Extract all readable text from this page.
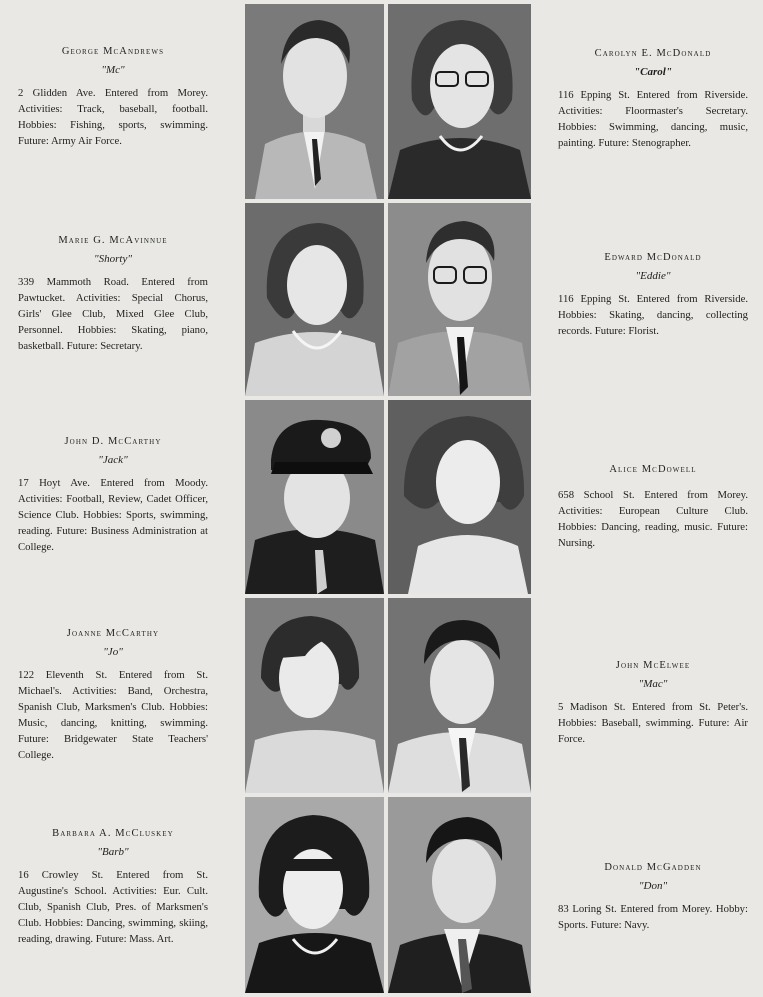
George McAndrews
"Mc"
2 Glidden Ave. Entered from Morey. Activities: Track, baseball, football. Hobbies: Fishing, sports, swimming. Future: Army Air Force.
Marie G. McAvinnue
"Shorty"
339 Mammoth Road. Entered from Pawtucket. Activities: Special Chorus, Girls' Glee Club, Mixed Glee Club, Personnel. Hobbies: Skating, piano, basketball. Future: Secretary.
John D. McCarthy
"Jack"
17 Hoyt Ave. Entered from Moody. Activities: Football, Review, Cadet Officer, Science Club. Hobbies: Sports, swimming, reading. Future: Business Administration at College.
Joanne McCarthy
"Jo"
122 Eleventh St. Entered from St. Michael's. Activities: Band, Orchestra, Spanish Club, Marksmen's Club. Hobbies: Music, dancing, knitting, swimming. Future: Bridgewater State Teachers' College.
Barbara A. McCluskey
"Barb"
16 Crowley St. Entered from St. Augustine's School. Activities: Eur. Cult. Club, Spanish Club, Pres. of Marksmen's Club. Hobbies: Dancing, swimming, skiing, reading, drawing. Future: Mass. Art.
Carolyn E. McDonald
"Carol"
116 Epping St. Entered from Riverside. Activities: Floormaster's Secretary. Hobbies: Swimming, dancing, music, painting. Future: Stenographer.
Edward McDonald
"Eddie"
116 Epping St. Entered from Riverside. Hobbies: Skating, dancing, collecting records. Future: Florist.
Alice McDowell
658 School St. Entered from Morey. Activities: European Culture Club. Hobbies: Dancing, reading, music. Future: Nursing.
John McElwee
"Mac"
5 Madison St. Entered from St. Peter's. Hobbies: Baseball, swimming. Future: Air Force.
Donald McGadden
"Don"
83 Loring St. Entered from Morey. Hobby: Sports. Future: Navy.
